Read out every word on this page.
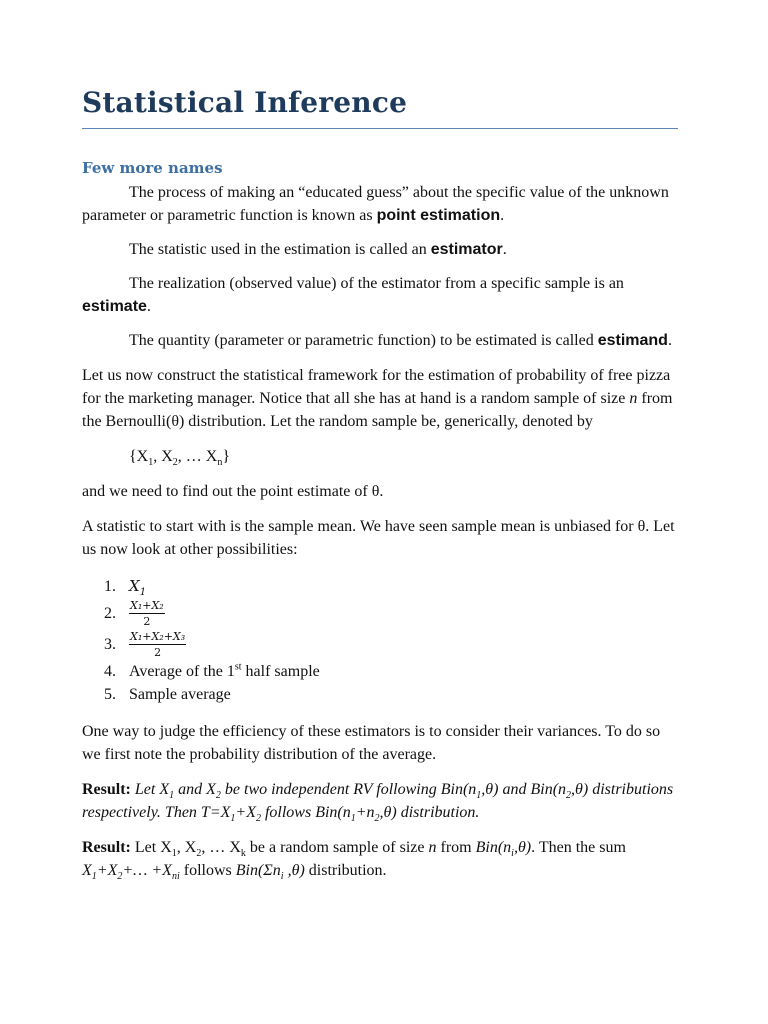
Statistical Inference
Few more names

The process of making an “educated guess” about the specific value of the unknown parameter or parametric function is known as point estimation.

The statistic used in the estimation is called an estimator.

The realization (observed value) of the estimator from a specific sample is an estimate.

The quantity (parameter or parametric function) to be estimated is called estimand.

Let us now construct the statistical framework for the estimation of probability of free pizza for the marketing manager. Notice that all she has at hand is a random sample of size n from the Bernoulli(θ) distribution. Let the random sample be, generically, denoted by

{$X_1$, $X_2$, … $X_n$}

and we need to find out the point estimate of θ.

A statistic to start with is the sample mean. We have seen sample mean is unbiased for θ. Let us now look at other possibilities:

1. $X_1$
2.	$\frac{\text{X₁+X₂}}{2}$
3.	$\frac{\text{X₁+X₂+X₃}}{2}$
4. Average of the 1st half sample
5. Sample average

One way to judge the efficiency of these estimators is to consider their variances. To do so we first note the probability distribution of the average.

Result: Let $X_1$ and $X_2$ be two independent RV following $Bin(n_1,\theta)$ and $Bin(n_2,\theta)$ distributions respectively. Then $T=X_1+X_2$ follows $Bin(n_1+n_2,\theta)$ distribution.

Result: Let $X_1$, $X_2$, … $X_k$ be a random sample of size n from $Bin(n_i,\theta)$. Then the sum $X_1+X_2+\dots +X_{ni}$ follows $Bin(\Sigma n_i$ ,θ) distribution.
